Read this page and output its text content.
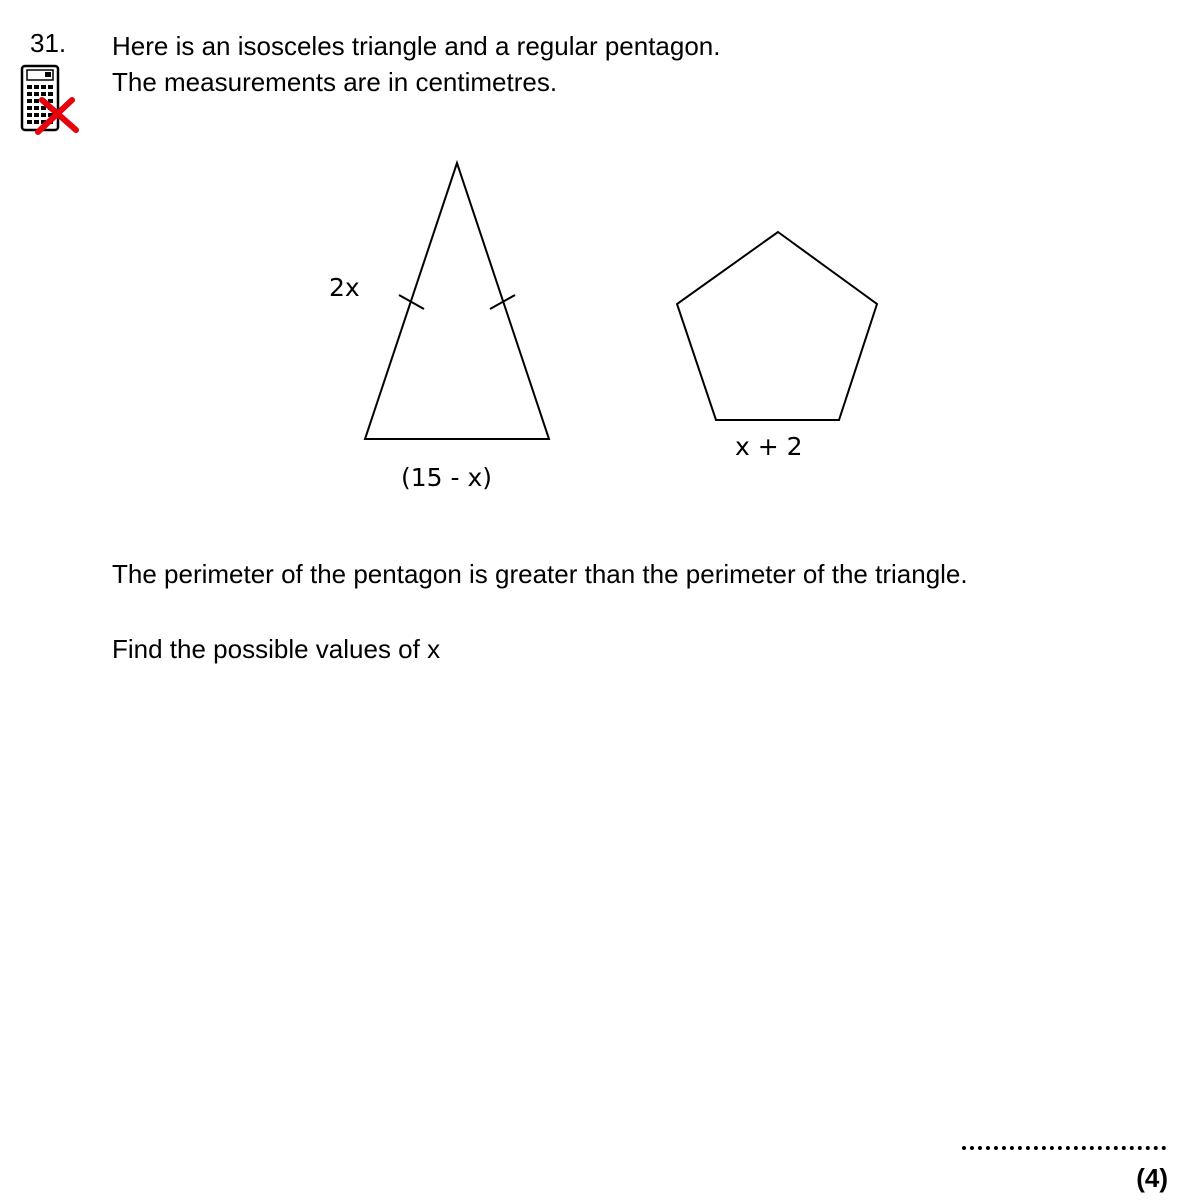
31. Here is an isosceles triangle and a regular pentagon.
The measurements are in centimetres.
2x
(15 - x)
x + 2
The perimeter of the pentagon is greater than the perimeter of the triangle.
Find the possible values of x
(4)
